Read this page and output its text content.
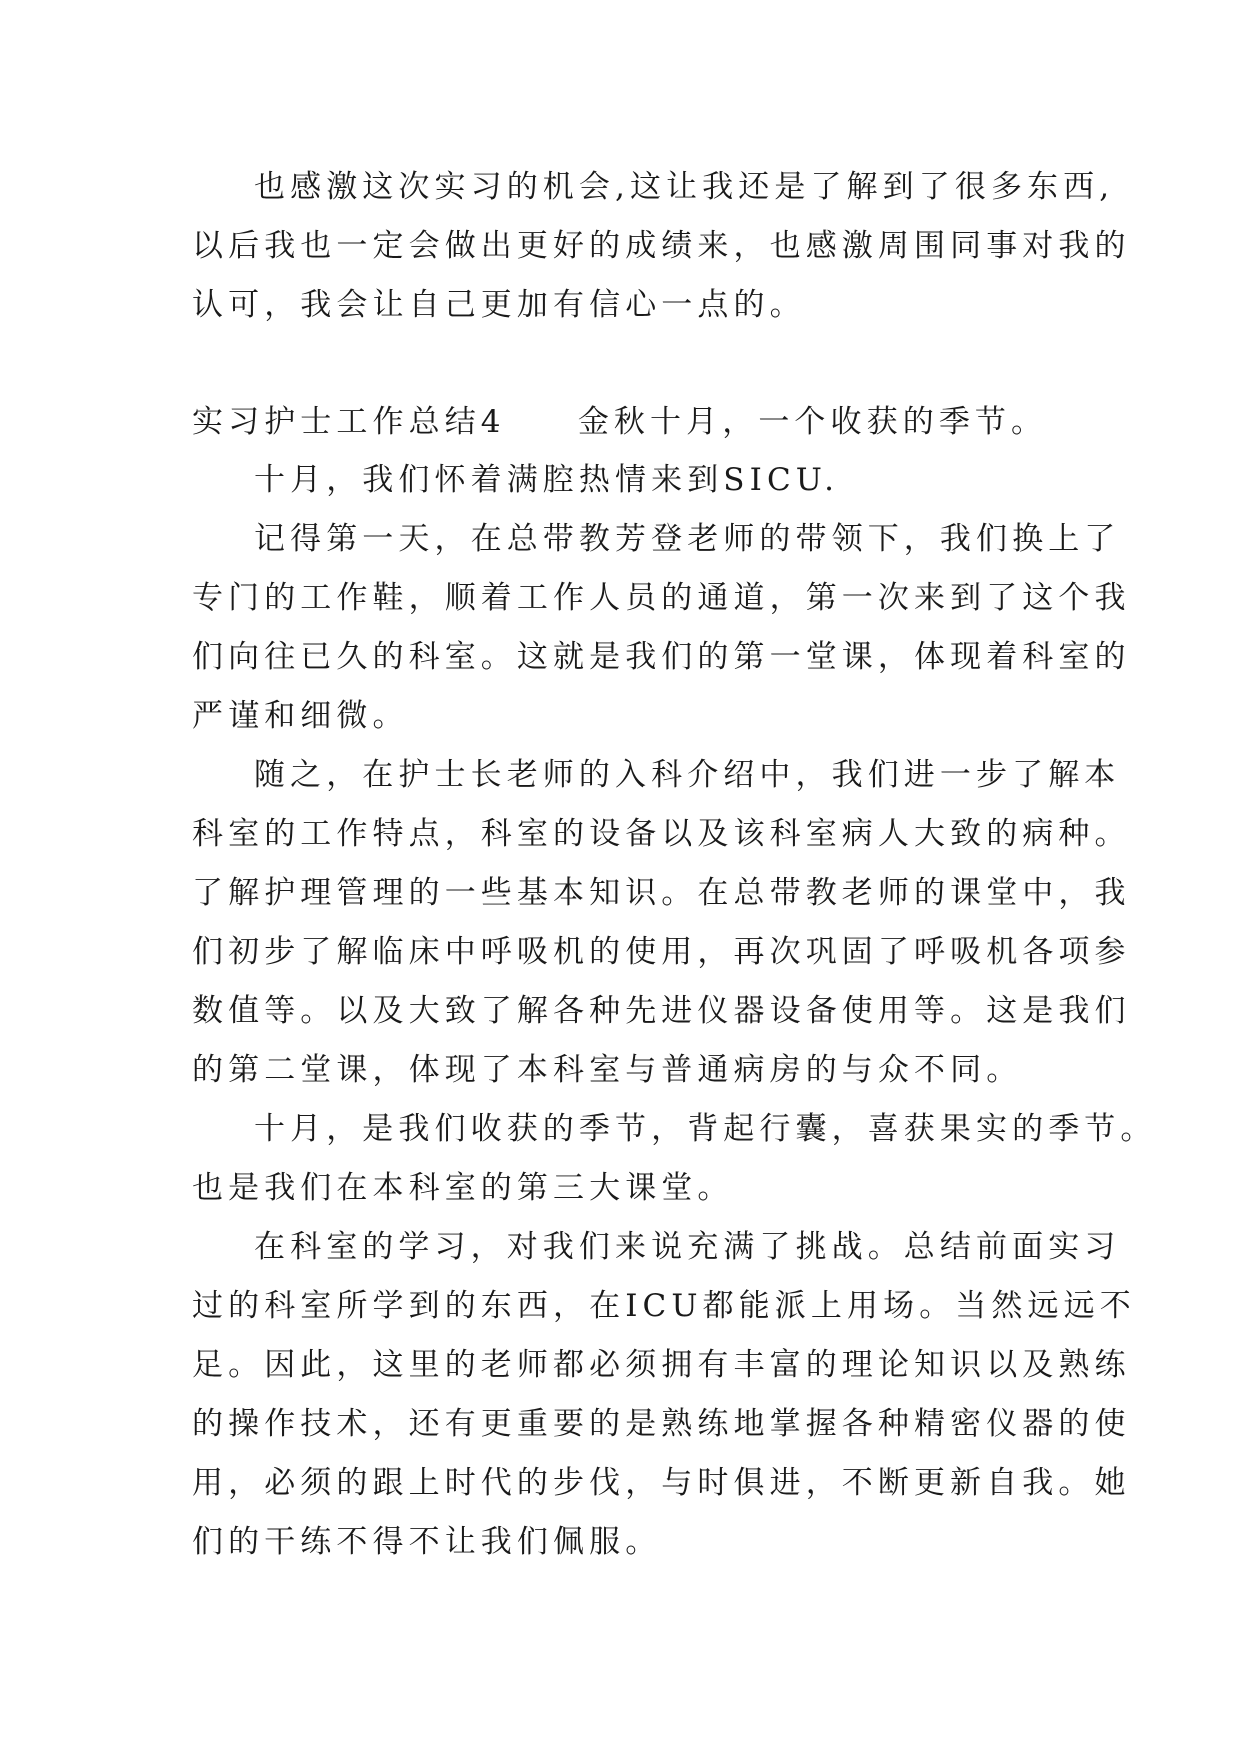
也感激这次实习的机会,这让我还是了解到了很多东西,
以后我也一定会做出更好的成绩来，也感激周围同事对我的
认可，我会让自己更加有信心一点的。
实习护士工作总结4　　金秋十月，一个收获的季节。
十月，我们怀着满腔热情来到SICU.
记得第一天，在总带教芳登老师的带领下，我们换上了
专门的工作鞋，顺着工作人员的通道，第一次来到了这个我
们向往已久的科室。这就是我们的第一堂课，体现着科室的
严谨和细微。
随之，在护士长老师的入科介绍中，我们进一步了解本
科室的工作特点，科室的设备以及该科室病人大致的病种。
了解护理管理的一些基本知识。在总带教老师的课堂中，我
们初步了解临床中呼吸机的使用，再次巩固了呼吸机各项参
数值等。以及大致了解各种先进仪器设备使用等。这是我们
的第二堂课，体现了本科室与普通病房的与众不同。
十月，是我们收获的季节，背起行囊，喜获果实的季节。
也是我们在本科室的第三大课堂。
在科室的学习，对我们来说充满了挑战。总结前面实习
过的科室所学到的东西，在ICU都能派上用场。当然远远不
足。因此，这里的老师都必须拥有丰富的理论知识以及熟练
的操作技术，还有更重要的是熟练地掌握各种精密仪器的使
用，必须的跟上时代的步伐，与时俱进，不断更新自我。她
们的干练不得不让我们佩服。
